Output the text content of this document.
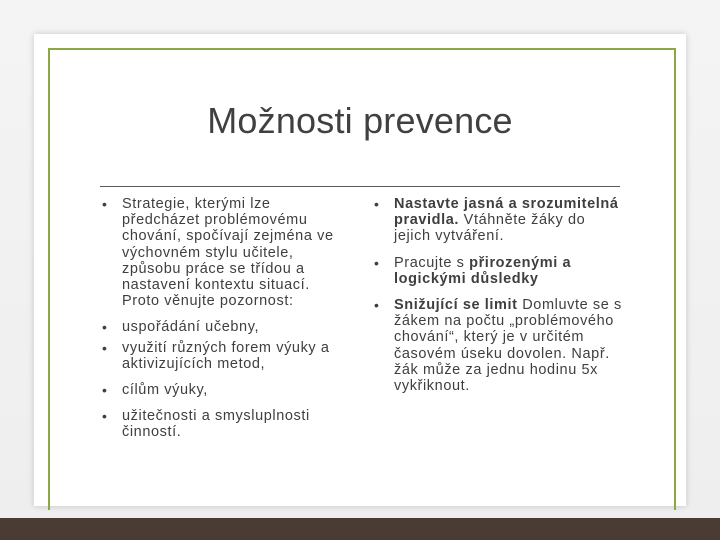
Možnosti prevence
• Strategie, kterými lze předcházet problémovému chování, spočívají zejména ve výchovném stylu učitele, způsobu práce se třídou a nastavení kontextu situací. Proto věnujte pozornost:
• uspořádání učebny,
• využití různých forem výuky a aktivizujících metod,
• cílům výuky,
• užitečnosti a smysluplnosti činností.
• Nastavte jasná a srozumitelná pravidla. Vtáhněte žáky do jejich vytváření.
• Pracujte s přirozenými a logickými důsledky
• Snižující se limit Domluvte se s žákem na počtu „problémového chování“, který je v určitém časovém úseku dovolen. Např. žák může za jednu hodinu 5x vykřiknout.
